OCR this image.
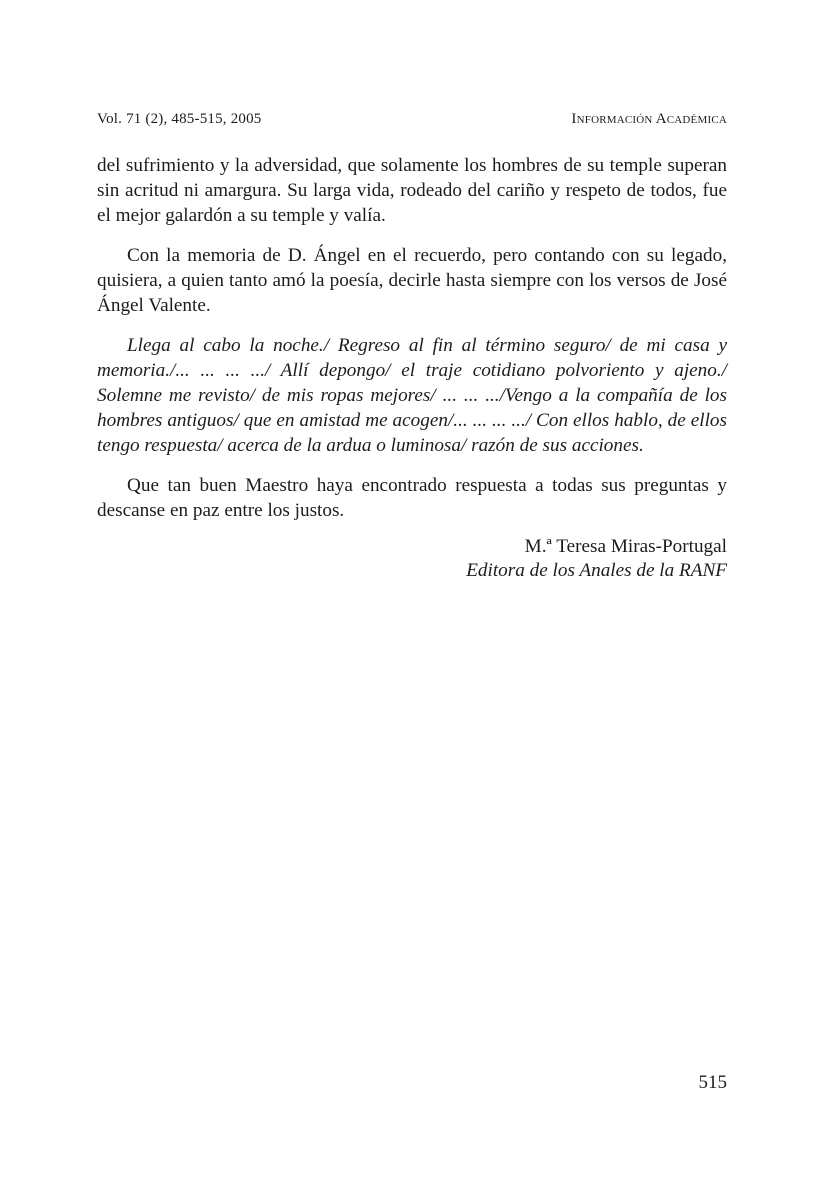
Vol. 71 (2), 485-515, 2005	Información Académica

del sufrimiento y la adversidad, que solamente los hombres de su temple superan sin acritud ni amargura. Su larga vida, rodeado del cariño y respeto de todos, fue el mejor galardón a su temple y valía.

Con la memoria de D. Ángel en el recuerdo, pero contando con su legado, quisiera, a quien tanto amó la poesía, decirle hasta siempre con los versos de José Ángel Valente.

Llega al cabo la noche./ Regreso al fin al término seguro/ de mi casa y memoria./... ... ... .../ Allí depongo/ el traje cotidiano polvoriento y ajeno./ Solemne me revisto/ de mis ropas mejores/ ... ... .../Vengo a la compañía de los hombres antiguos/ que en amistad me acogen/... ... ... .../ Con ellos hablo, de ellos tengo respuesta/ acerca de la ardua o luminosa/ razón de sus acciones.

Que tan buen Maestro haya encontrado respuesta a todas sus preguntas y descanse en paz entre los justos.

M.ª Teresa Miras-Portugal
Editora de los Anales de la RANF
515
